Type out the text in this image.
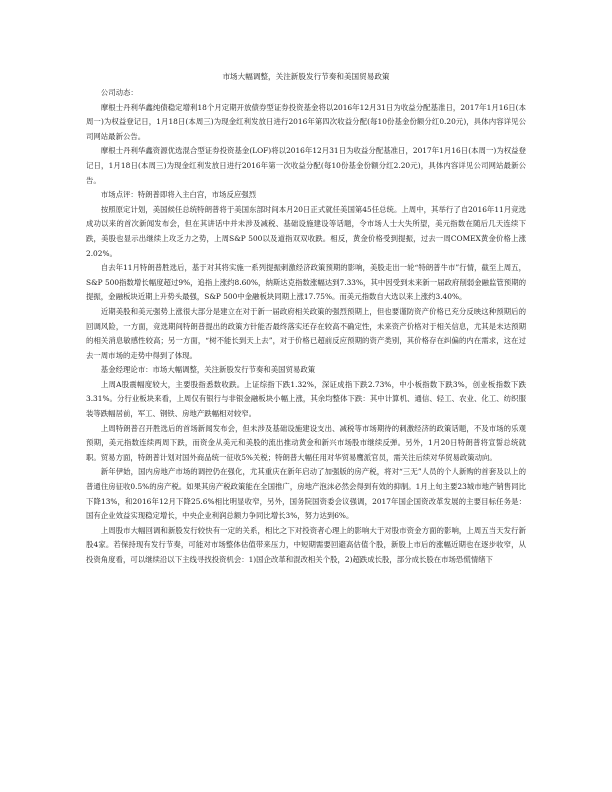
市场大幅调整，关注新股发行节奏和美国贸易政策
公司动态：
摩根士丹利华鑫纯债稳定增利18个月定期开放债券型证券投资基金将以2016年12月31日为收益分配基准日，2017年1月16日(本周一)为权益登记日，1月18日(本周三)为现金红利发放日进行2016年第四次收益分配(每10份基金份额分红0.20元)，具体内容详见公司网站最新公告。
摩根士丹利华鑫资源优选混合型证券投资基金(LOF)将以2016年12月31日为收益分配基准日，2017年1月16日(本周一)为权益登记日，1月18日(本周三)为现金红利发放日进行2016年第一次收益分配(每10份基金份额分红2.20元)，具体内容详见公司网站最新公告。
市场点评：特朗普即将入主白宫，市场反应强烈
按照原定计划，美国候任总统特朗普将于美国东部时间本月20日正式就任美国第45任总统。上周中，其举行了自2016年11月竞选成功以来的首次新闻发布会，但在其讲话中并未涉及减税、基础设施建设等话题，令市场人士大失所望，美元指数在随后几天连续下跌，美股也显示出继续上攻乏力之势，上周S&P 500以及道指双双收跌。相反，黄金价格受到提振，过去一周COMEX黄金价格上涨2.02%。
自去年11月特朗普胜选后，基于对其将实施一系列提振刺激经济政策预期的影响，美股走出一轮“特朗普牛市”行情，截至上周五，S&P 500指数增长幅度超过9%，追指上涨约8.60%，纳斯达克指数涨幅达到7.33%，其中因受到未来新一届政府削弱金融监管预期的提振，金融板块近期上升势头最强，S&P 500中金融板块同期上涨17.75%。而美元指数自大选以来上涨约3.40%。
近期美股和美元强势上涨很大部分是建立在对于新一届政府相关政策的强烈预期上，但也要谨防资产价格已充分反映这种预期后的回调风险，一方面，竞选期间特朗普提出的政策方针能否最终落实还存在较高不确定性，未来资产价格对于相关信息，尤其是未达预期的相关消息敏感性较高；另一方面，“树不能长到天上去”，对于价格已超前反应预期的资产类别，其价格存在纠偏的内在需求，这在过去一周市场的走势中得到了体现。
基金经理论市：市场大幅调整，关注新股发行节奏和美国贸易政策
上周A股震幅度较大，主要股指悉数收跌。上证综指下跌1.32%，深证成指下跌2.73%，中小板指数下跌3%，创业板指数下跌3.31%。分行业板块来看，上周仅有银行与非银金融板块小幅上涨，其余均整体下跌：其中计算机、通信、轻工、农业、化工、纺织服装等跌幅居前，军工、钢铁、房地产跌幅相对较窄。
上周特朗普召开胜选后的首场新闻发布会，但未涉及基础设施建设支出、减税等市场期待的刺激经济的政策话题，不及市场的乐观预期，美元指数连续两周下跌，而资金从美元和美股的流出推动黄金和新兴市场股市继续反弹。另外，1月20日特朗普将宣誓总统就职。贸易方面，特朗普计划对国外商品统一征收5%关税；特朗普大幅任用对华贸易鹰派官员，需关注后续对华贸易政策动向。
新年伊始，国内房地产市场的调控仍在强化，尤其重庆在新年启动了加强版的房产税，将对“三无”人员的个人新购的首套及以上的普通住房征收0.5%的房产税。如果其房产税政策能在全国推广，房地产泡沫必然会得到有效的抑制。1月上旬主要23城市地产销售同比下降13%，和2016年12月下降25.6%相比明显收窄，另外，国务院国资委会议强调，2017年国企国资改革发展的主要目标任务是：国有企业效益实现稳定增长，中央企业利润总额力争同比增长3%，努力达到6%。
上周股市大幅回调和新股发行较快有一定的关系，相比之下对投资者心理上的影响大于对股市资金方面的影响，上周五当天发行新股4家。若保持现有发行节奏，可能对市场整体估值带来压力，中短期需要回避高估值个股，新股上市后的涨幅近期也在逐步收窄，从投资角度看，可以继续沿以下主线寻找投资机会：1)国企改革和混改相关个股，2)超跌成长股，部分成长股在市场恐慌情绪下
